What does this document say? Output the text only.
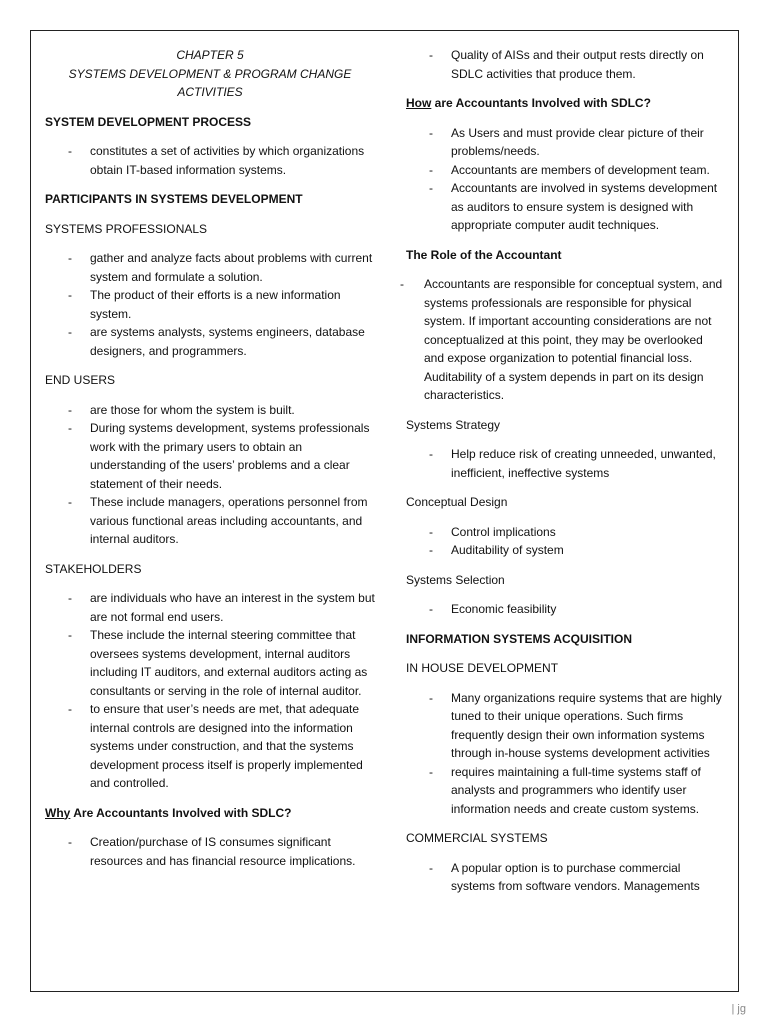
CHAPTER 5
SYSTEMS DEVELOPMENT & PROGRAM CHANGE
ACTIVITIES

SYSTEM DEVELOPMENT PROCESS

- constitutes a set of activities by which organizations obtain IT-based information systems.

PARTICIPANTS IN SYSTEMS DEVELOPMENT

SYSTEMS PROFESSIONALS

- gather and analyze facts about problems with current system and formulate a solution.
- The product of their efforts is a new information system.
- are systems analysts, systems engineers, database designers, and programmers.

END USERS

- are those for whom the system is built.
- During systems development, systems professionals work with the primary users to obtain an understanding of the users’ problems and a clear statement of their needs.
- These include managers, operations personnel from various functional areas including accountants, and internal auditors.

STAKEHOLDERS

- are individuals who have an interest in the system but are not formal end users.
- These include the internal steering committee that oversees systems development, internal auditors including IT auditors, and external auditors acting as consultants or serving in the role of internal auditor.
- to ensure that user’s needs are met, that adequate internal controls are designed into the information systems under construction, and that the systems development process itself is properly implemented and controlled.

Why Are Accountants Involved with SDLC?

- Creation/purchase of IS consumes significant resources and has financial resource implications.
- Quality of AISs and their output rests directly on SDLC activities that produce them.

How are Accountants Involved with SDLC?

- As Users and must provide clear picture of their problems/needs.
- Accountants are members of development team.
- Accountants are involved in systems development as auditors to ensure system is designed with appropriate computer audit techniques.

The Role of the Accountant

- Accountants are responsible for conceptual system, and systems professionals are responsible for physical system. If important accounting considerations are not conceptualized at this point, they may be overlooked and expose organization to potential financial loss. Auditability of a system depends in part on its design characteristics.

Systems Strategy

- Help reduce risk of creating unneeded, unwanted, inefficient, ineffective systems

Conceptual Design

- Control implications
- Auditability of system

Systems Selection

- Economic feasibility

INFORMATION SYSTEMS ACQUISITION

IN HOUSE DEVELOPMENT

- Many organizations require systems that are highly tuned to their unique operations. Such firms frequently design their own information systems through in-house systems development activities
- requires maintaining a full-time systems staff of analysts and programmers who identify user information needs and create custom systems.

COMMERCIAL SYSTEMS

- A popular option is to purchase commercial systems from software vendors. Managements
| jg
